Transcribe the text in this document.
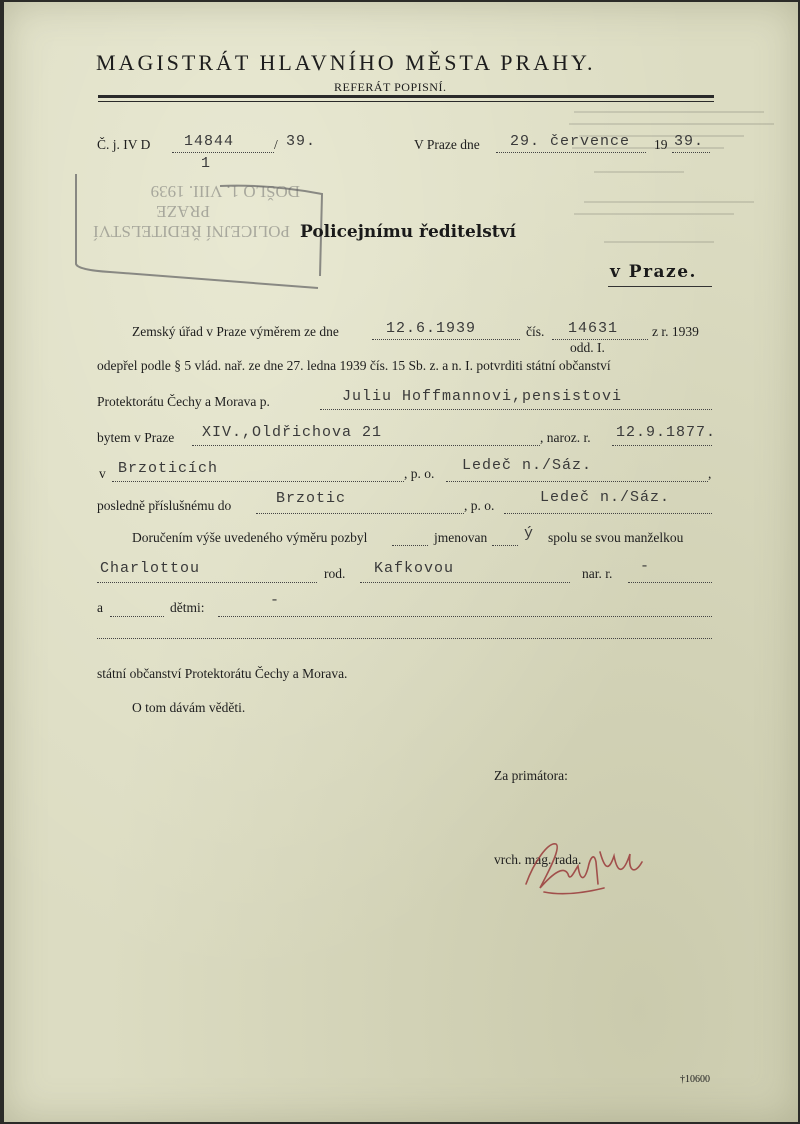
MAGISTRÁT HLAVNÍHO MĚSTA PRAHY.
REFERÁT POPISNÍ.
Č. j. IV D 14844	/ 39.
1
V Praze dne 29. července 19 39.
POLICEJNÍ ŘEDITELSTVÍ
PRAZE
DOŠLO 1. VIII. 1939
Policejnímu ředitelství
v Praze.
Zemský úřad v Praze výměrem ze dne	12.6.1939	čís. 14631	z r. 1939
odd. I.
odepřel podle § 5 vlád. nař. ze dne 27. ledna 1939 čís. 15 Sb. z. a n. I. potvrditi státní občanství
Protektorátu Čechy a Morava p.	Juliu Hoffmannovi,pensistovi
bytem v Praze XIV.,Oldřichova 21	, naroz. r. 12.9.1877.
v Brzoticích	, p. o. Ledeč n./Sáz.	,
posledně příslušnému do	Brzotic	, p. o.	Ledeč n./Sáz.
Doručením výše uvedeného výměru pozbyl	jmenovan ý spolu se svou manželkou
Charlottou	rod. Kafkovou	nar. r. -
a	dětmi:	-
státní občanství Protektorátu Čechy a Morava.
O tom dávám věděti.
Za primátora:
vrch. mag. rada.
†10600
